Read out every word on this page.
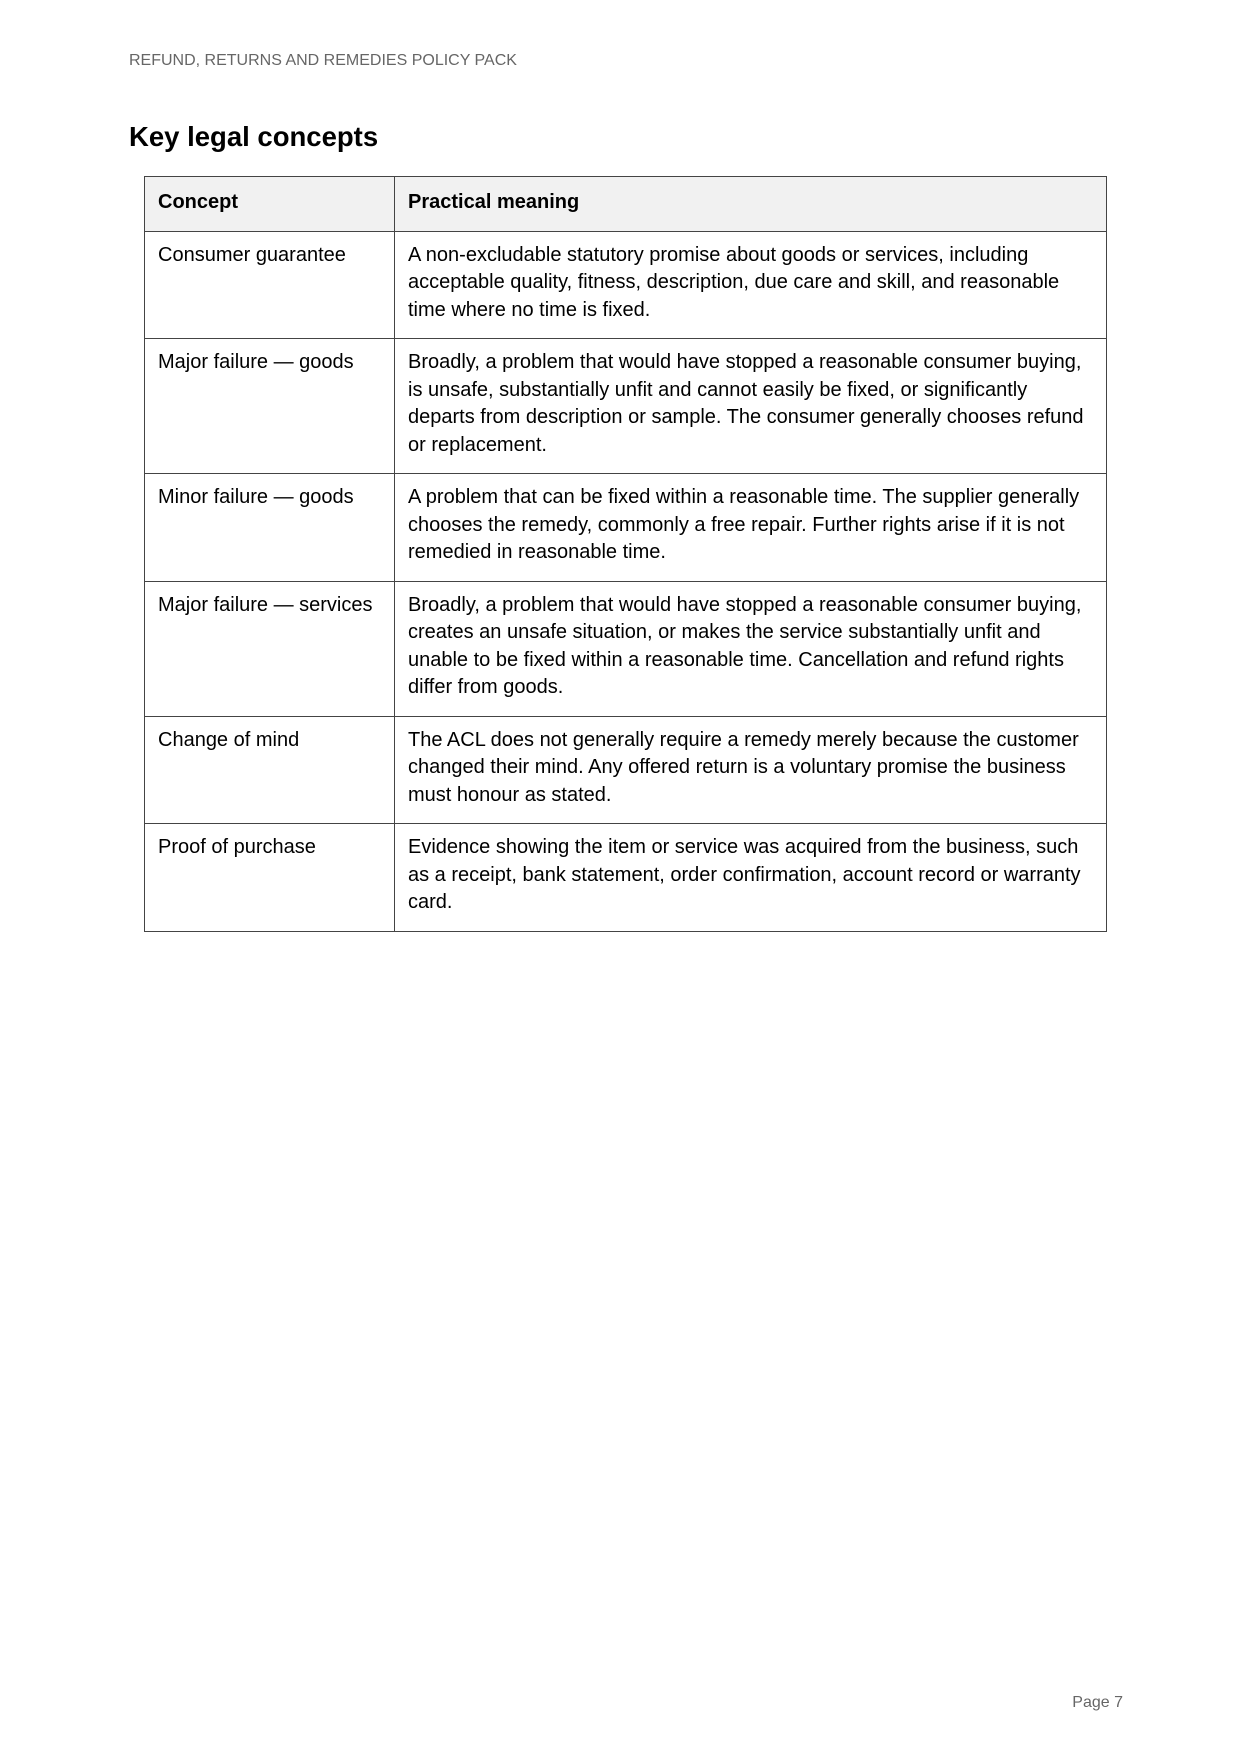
REFUND, RETURNS AND REMEDIES POLICY PACK
Key legal concepts
Concept	Practical meaning
Consumer guarantee	A non-excludable statutory promise about goods or services, including acceptable quality, fitness, description, due care and skill, and reasonable time where no time is fixed.
Major failure — goods	Broadly, a problem that would have stopped a reasonable consumer buying, is unsafe, substantially unfit and cannot easily be fixed, or significantly departs from description or sample. The consumer generally chooses refund or replacement.
Minor failure — goods	A problem that can be fixed within a reasonable time. The supplier generally chooses the remedy, commonly a free repair. Further rights arise if it is not remedied in reasonable time.
Major failure — services	Broadly, a problem that would have stopped a reasonable consumer buying, creates an unsafe situation, or makes the service substantially unfit and unable to be fixed within a reasonable time. Cancellation and refund rights differ from goods.
Change of mind	The ACL does not generally require a remedy merely because the customer changed their mind. Any offered return is a voluntary promise the business must honour as stated.
Proof of purchase	Evidence showing the item or service was acquired from the business, such as a receipt, bank statement, order confirmation, account record or warranty card.
Page 7
